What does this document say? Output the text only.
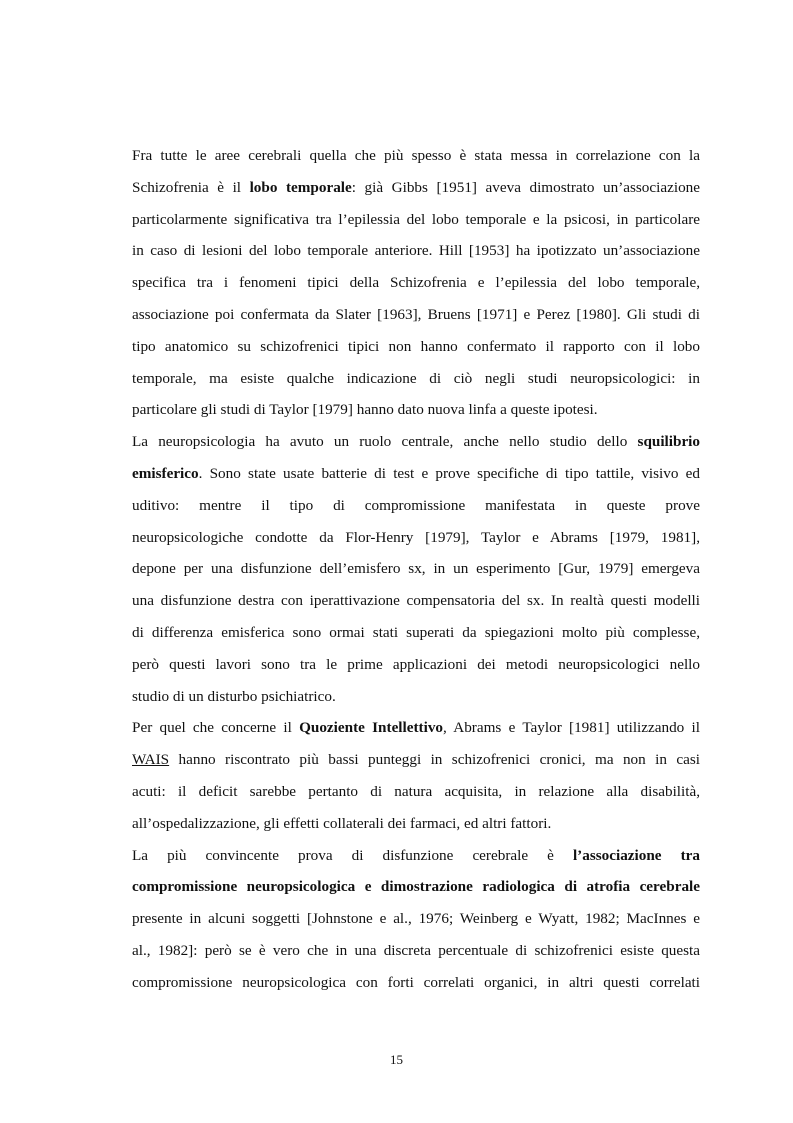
Fra tutte le aree cerebrali quella che più spesso è stata messa in correlazione con la
Schizofrenia è il lobo temporale: già Gibbs [1951] aveva dimostrato un’associazione
particolarmente significativa tra l’epilessia del lobo temporale e la psicosi, in particolare
in caso di lesioni del lobo temporale anteriore. Hill [1953] ha ipotizzato un’associazione
specifica tra i fenomeni tipici della Schizofrenia e l’epilessia del lobo temporale,
associazione poi confermata da Slater [1963], Bruens [1971] e Perez [1980]. Gli studi di
tipo anatomico su schizofrenici tipici non hanno confermato il rapporto con il lobo
temporale, ma esiste qualche indicazione di ciò negli studi neuropsicologici: in
particolare gli studi di Taylor [1979] hanno dato nuova linfa a queste ipotesi.
La neuropsicologia ha avuto un ruolo centrale, anche nello studio dello squilibrio
emisferico. Sono state usate batterie di test e prove specifiche di tipo tattile, visivo ed
uditivo: mentre il tipo di compromissione manifestata in queste prove
neuropsicologiche condotte da Flor-Henry [1979], Taylor e Abrams [1979, 1981],
depone per una disfunzione dell’emisfero sx, in un esperimento [Gur, 1979] emergeva
una disfunzione destra con iperattivazione compensatoria del sx. In realtà questi modelli
di differenza emisferica sono ormai stati superati da spiegazioni molto più complesse,
però questi lavori sono tra le prime applicazioni dei metodi neuropsicologici nello
studio di un disturbo psichiatrico.
Per quel che concerne il Quoziente Intellettivo, Abrams e Taylor [1981] utilizzando il
WAIS hanno riscontrato più bassi punteggi in schizofrenici cronici, ma non in casi
acuti: il deficit sarebbe pertanto di natura acquisita, in relazione alla disabilità,
all’ospedalizzazione, gli effetti collaterali dei farmaci, ed altri fattori.
La più convincente prova di disfunzione cerebrale è l’associazione tra
compromissione neuropsicologica e dimostrazione radiologica di atrofia cerebrale
presente in alcuni soggetti [Johnstone e al., 1976; Weinberg e Wyatt, 1982; MacInnes e
al., 1982]: però se è vero che in una discreta percentuale di schizofrenici esiste questa
compromissione neuropsicologica con forti correlati organici, in altri questi correlati
15
